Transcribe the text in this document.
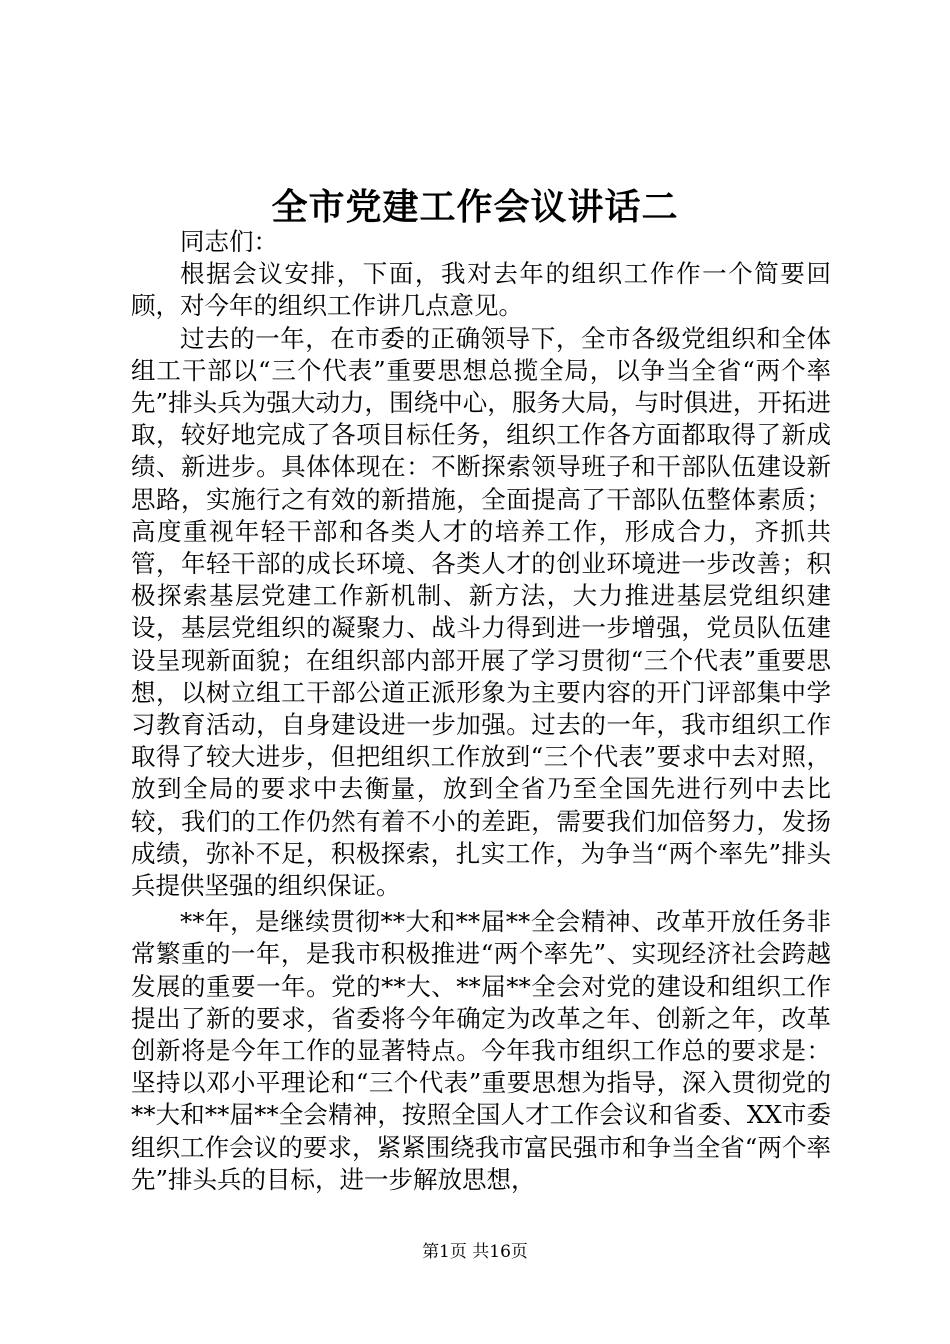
全市党建工作会议讲话二

同志们：

根据会议安排，下面，我对去年的组织工作作一个简要回顾，对今年的组织工作讲几点意见。

过去的一年，在市委的正确领导下，全市各级党组织和全体组工干部以“三个代表”重要思想总揽全局，以争当全省“两个率先”排头兵为强大动力，围绕中心，服务大局，与时俱进，开拓进取，较好地完成了各项目标任务，组织工作各方面都取得了新成绩、新进步。具体体现在：不断探索领导班子和干部队伍建设新思路，实施行之有效的新措施，全面提高了干部队伍整体素质；高度重视年轻干部和各类人才的培养工作，形成合力，齐抓共管，年轻干部的成长环境、各类人才的创业环境进一步改善；积极探索基层党建工作新机制、新方法，大力推进基层党组织建设，基层党组织的凝聚力、战斗力得到进一步增强，党员队伍建设呈现新面貌；在组织部内部开展了学习贯彻“三个代表”重要思想，以树立组工干部公道正派形象为主要内容的开门评部集中学习教育活动，自身建设进一步加强。过去的一年，我市组织工作取得了较大进步，但把组织工作放到“三个代表”要求中去对照，放到全局的要求中去衡量，放到全省乃至全国先进行列中去比较，我们的工作仍然有着不小的差距，需要我们加倍努力，发扬成绩，弥补不足，积极探索，扎实工作，为争当“两个率先”排头兵提供坚强的组织保证。

**年，是继续贯彻**大和**届**全会精神、改革开放任务非常繁重的一年，是我市积极推进“两个率先”、实现经济社会跨越发展的重要一年。党的**大、**届**全会对党的建设和组织工作提出了新的要求，省委将今年确定为改革之年、创新之年，改革创新将是今年工作的显著特点。今年我市组织工作总的要求是：坚持以邓小平理论和“三个代表”重要思想为指导，深入贯彻党的**大和**届**全会精神，按照全国人才工作会议和省委、XX市委组织工作会议的要求，紧紧围绕我市富民强市和争当全省“两个率先”排头兵的目标，进一步解放思想，

第1页 共16页
